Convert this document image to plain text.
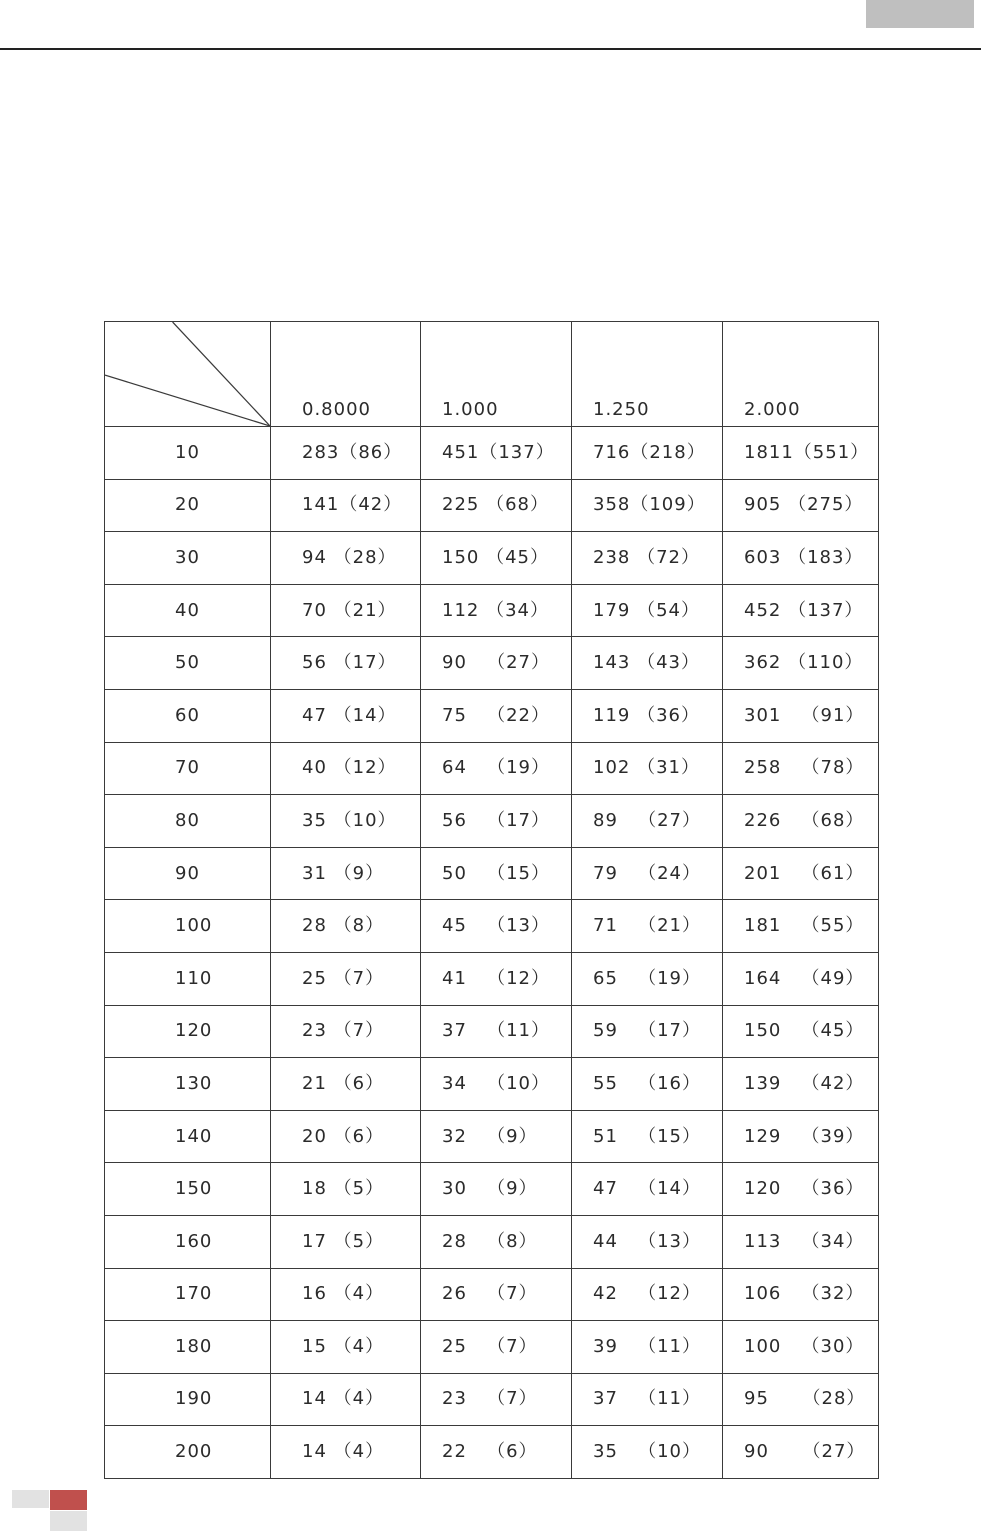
	0.8000	1.000	1.250	2.000
10	283（86）	451（137）	716（218）	1811（551）
20	141（42）	225 （68）	358（109）	905 （275）
30	94 （28）	150 （45）	238 （72）	603 （183）
40	70 （21）	112 （34）	179 （54）	452 （137）
50	56 （17）	90   （27）	143 （43）	362 （110）
60	47 （14）	75   （22）	119 （36）	301   （91）
70	40 （12）	64   （19）	102 （31）	258   （78）
80	35 （10）	56   （17）	89   （27）	226   （68）
90	31 （9）	50   （15）	79   （24）	201   （61）
100	28 （8）	45   （13）	71   （21）	181   （55）
110	25 （7）	41   （12）	65   （19）	164   （49）
120	23 （7）	37   （11）	59   （17）	150   （45）
130	21 （6）	34   （10）	55   （16）	139   （42）
140	20 （6）	32   （9）	51   （15）	129   （39）
150	18 （5）	30   （9）	47   （14）	120   （36）
160	17 （5）	28   （8）	44   （13）	113   （34）
170	16 （4）	26   （7）	42   （12）	106   （32）
180	15 （4）	25   （7）	39   （11）	100   （30）
190	14 （4）	23   （7）	37   （11）	95     （28）
200	14 （4）	22   （6）	35   （10）	90     （27）
